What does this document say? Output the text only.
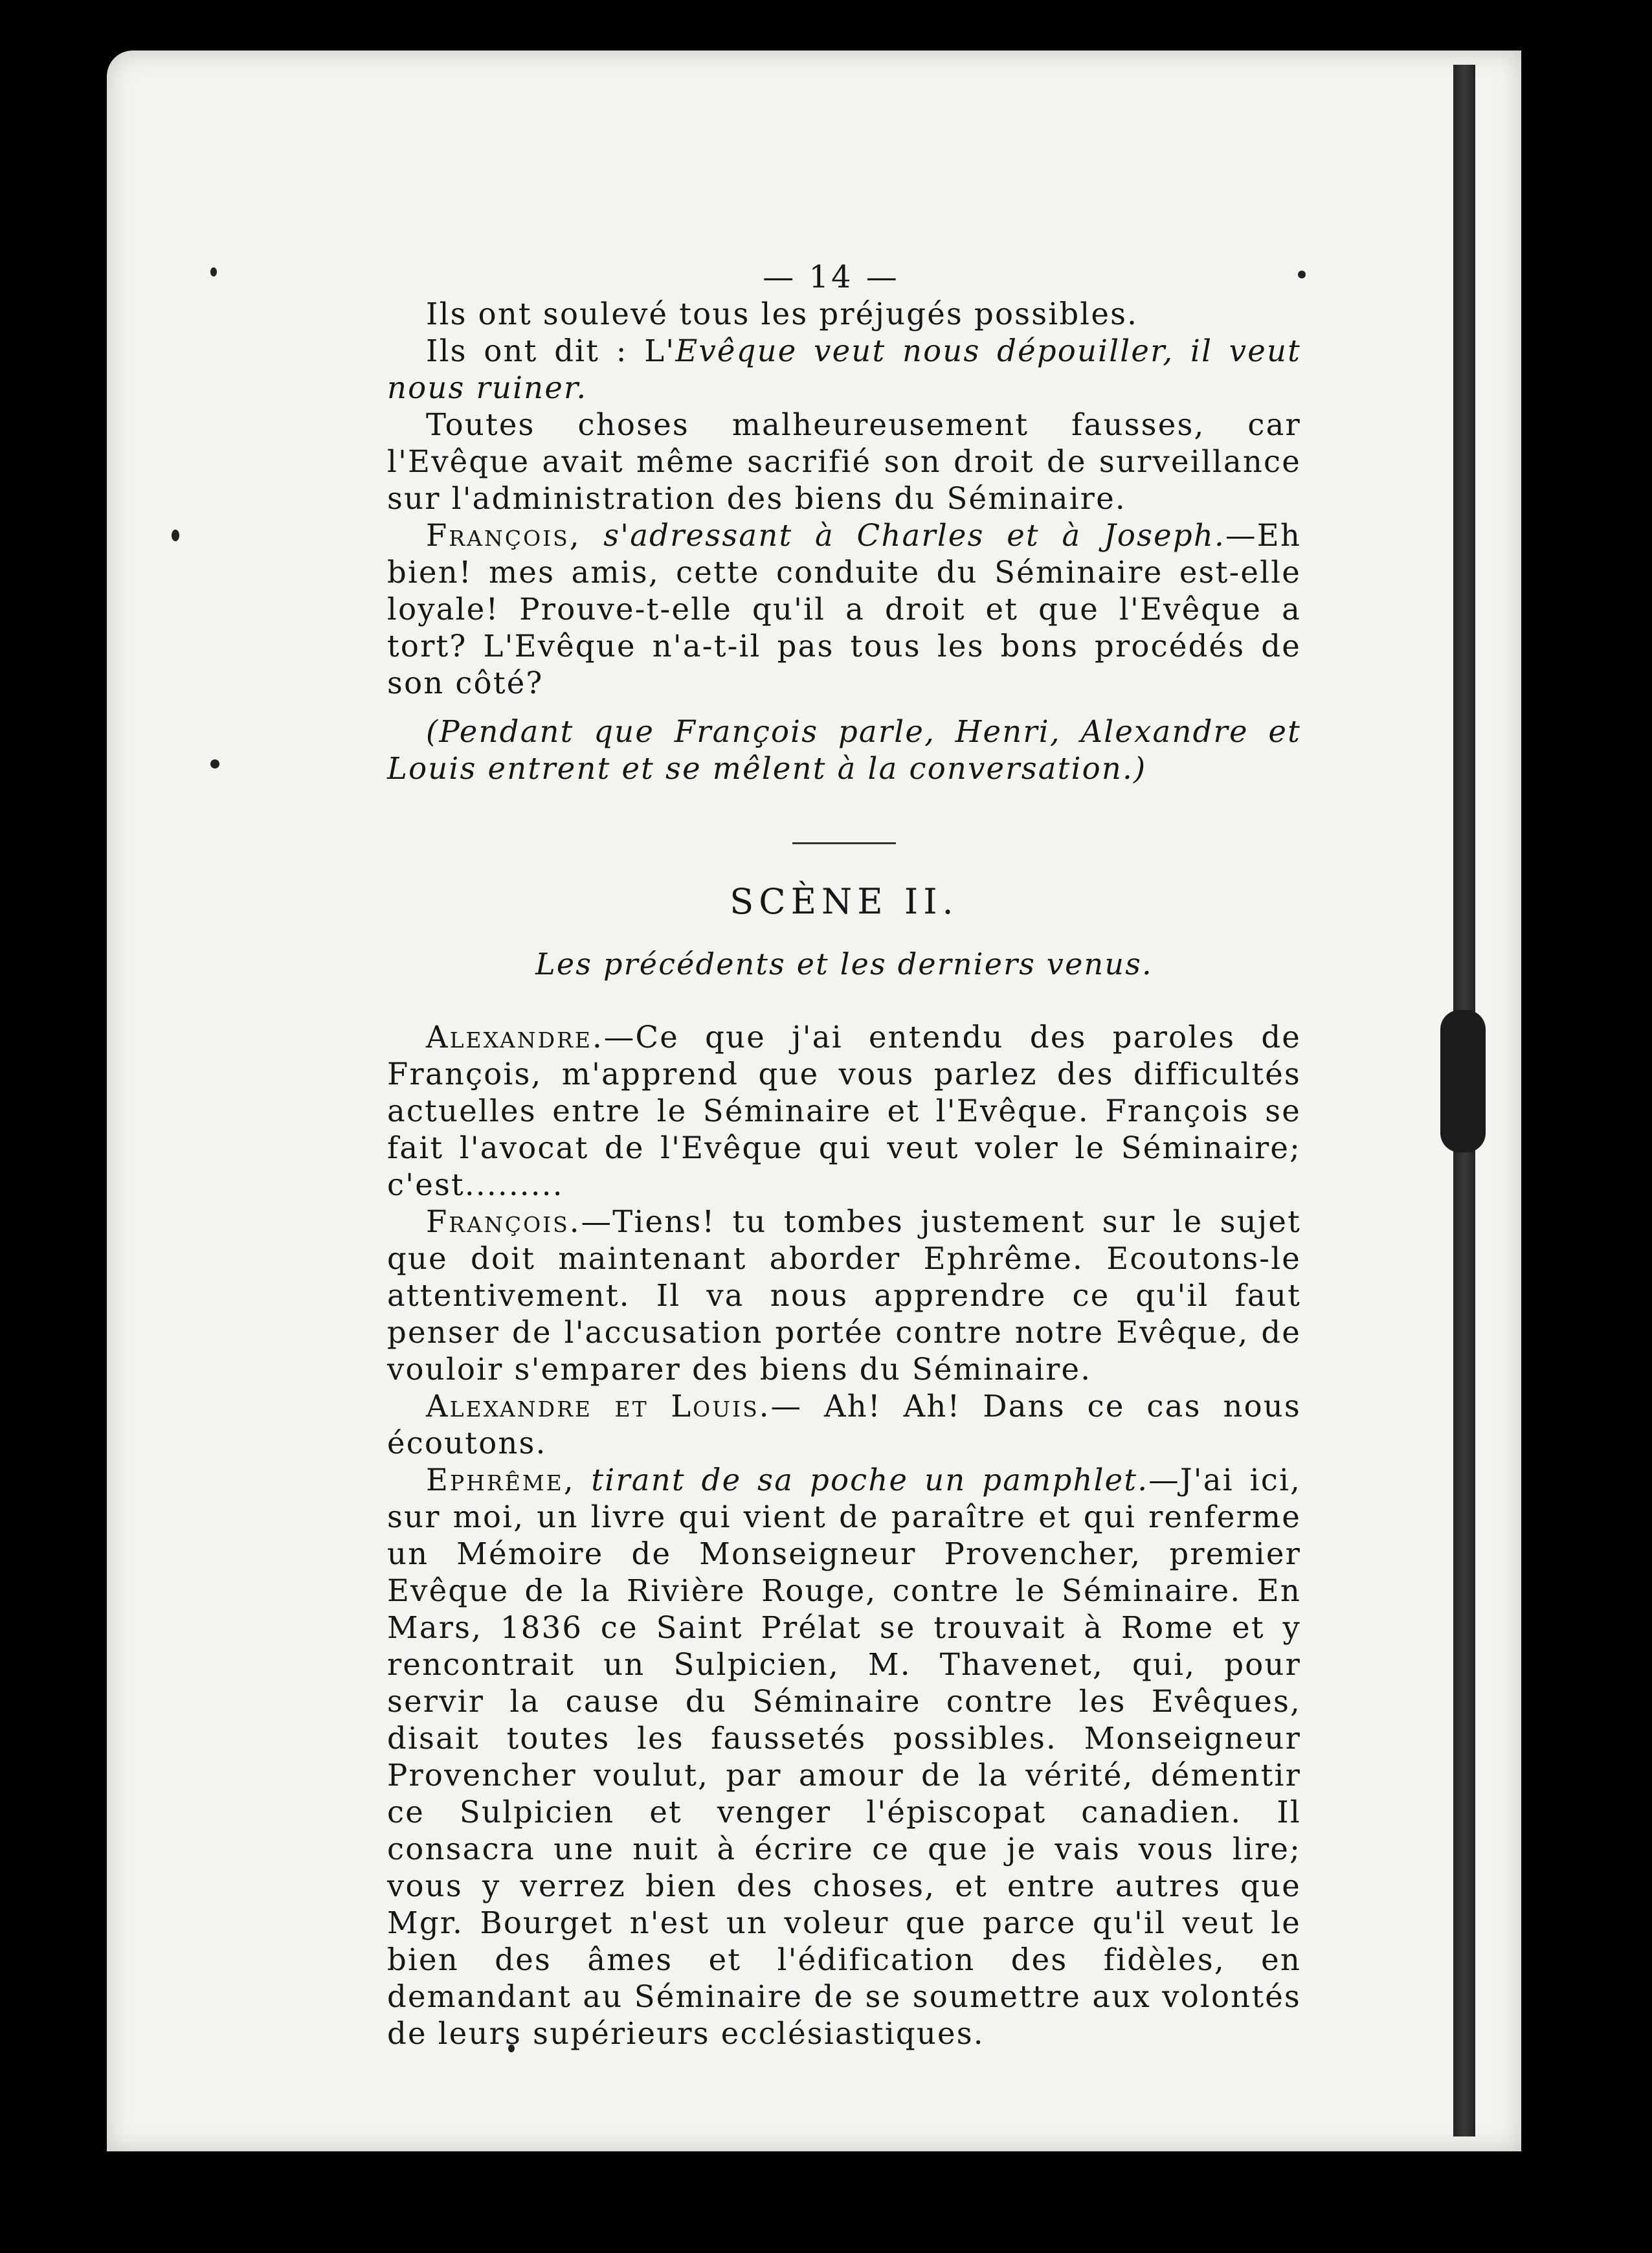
— 14 —

Ils ont soulevé tous les préjugés possibles.

Ils ont dit : L'Evêque veut nous dépouiller, il veut nous ruiner.

Toutes choses malheureusement fausses, car l'Evêque avait même sacrifié son droit de surveillance sur l'administration des biens du Séminaire.

François, s'adressant à Charles et à Joseph.—Eh bien! mes amis, cette conduite du Séminaire est-elle loyale! Prouve-t-elle qu'il a droit et que l'Evêque a tort? L'Evêque n'a-t-il pas tous les bons procédés de son côté?

(Pendant que François parle, Henri, Alexandre et Louis entrent et se mêlent à la conversation.)

SCÈNE II.

Les précédents et les derniers venus.

Alexandre.—Ce que j'ai entendu des paroles de François, m'apprend que vous parlez des difficultés actuelles entre le Séminaire et l'Evêque. François se fait l'avocat de l'Evêque qui veut voler le Séminaire; c'est.........

François.—Tiens! tu tombes justement sur le sujet que doit maintenant aborder Ephrême. Ecoutons-le attentivement. Il va nous apprendre ce qu'il faut penser de l'accusation portée contre notre Evêque, de vouloir s'emparer des biens du Séminaire.

Alexandre et Louis.— Ah! Ah! Dans ce cas nous écoutons.

Ephrême, tirant de sa poche un pamphlet.—J'ai ici, sur moi, un livre qui vient de paraître et qui renferme un Mémoire de Monseigneur Provencher, premier Evêque de la Rivière Rouge, contre le Séminaire. En Mars, 1836 ce Saint Prélat se trouvait à Rome et y rencontrait un Sulpicien, M. Thavenet, qui, pour servir la cause du Séminaire contre les Evêques, disait toutes les faussetés possibles. Monseigneur Provencher voulut, par amour de la vérité, démentir ce Sulpicien et venger l'épiscopat canadien. Il consacra une nuit à écrire ce que je vais vous lire; vous y verrez bien des choses, et entre autres que Mgr. Bourget n'est un voleur que parce qu'il veut le bien des âmes et l'édification des fidèles, en demandant au Séminaire de se soumettre aux volontés de leurs supérieurs ecclésiastiques.
